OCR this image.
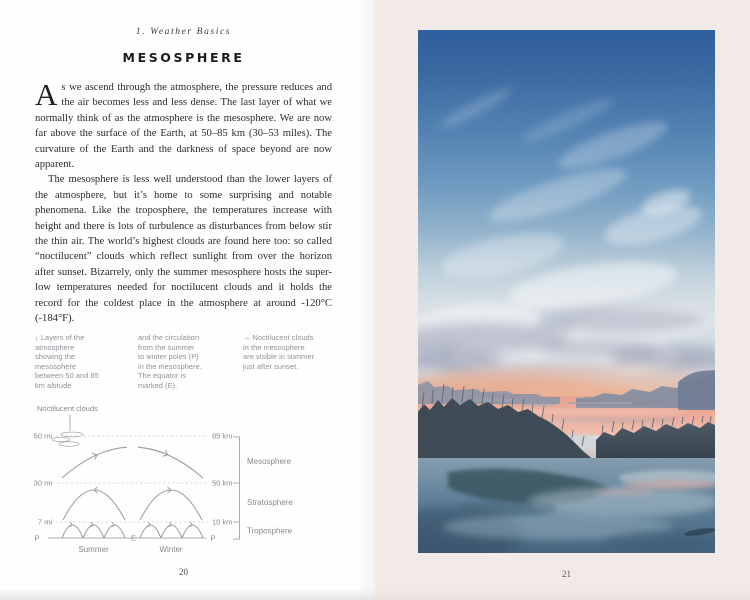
1. Weather Basics
MESOSPHERE

As we ascend through the atmosphere, the pressure reduces and the air becomes less and less dense. The last layer of what we normally think of as the atmosphere is the mesosphere. We are now far above the surface of the Earth, at 50–85 km (30–53 miles). The curvature of the Earth and the darkness of space beyond are now apparent.

The mesosphere is less well understood than the lower layers of the atmosphere, but it’s home to some surprising and notable phenomena. Like the troposphere, the temperatures increase with height and there is lots of turbulence as disturbances from below stir the thin air. The world’s highest clouds are found here too: so called “noctilucent” clouds which reflect sunlight from over the horizon after sunset. Bizarrely, only the summer mesosphere hosts the super-low temperatures needed for noctilucent clouds and it holds the record for the coldest place in the atmosphere at around -120°C (-184°F).

↓ Layers of the atmosphere showing the mesosphere between 50 and 85 km altitude
and the circulation from the summer to winter poles (P) in the mesosphere. The equator is marked (E).
→ Noctilucent clouds in the mesosphere are visible in summer just after sunset.
Noctilucent clouds
50 mi
30 mi
7 mi
P
85 km
50 km
10 km
P
E
Summer	Winter
Mesosphere
Stratosphere
Troposphere
20	21
